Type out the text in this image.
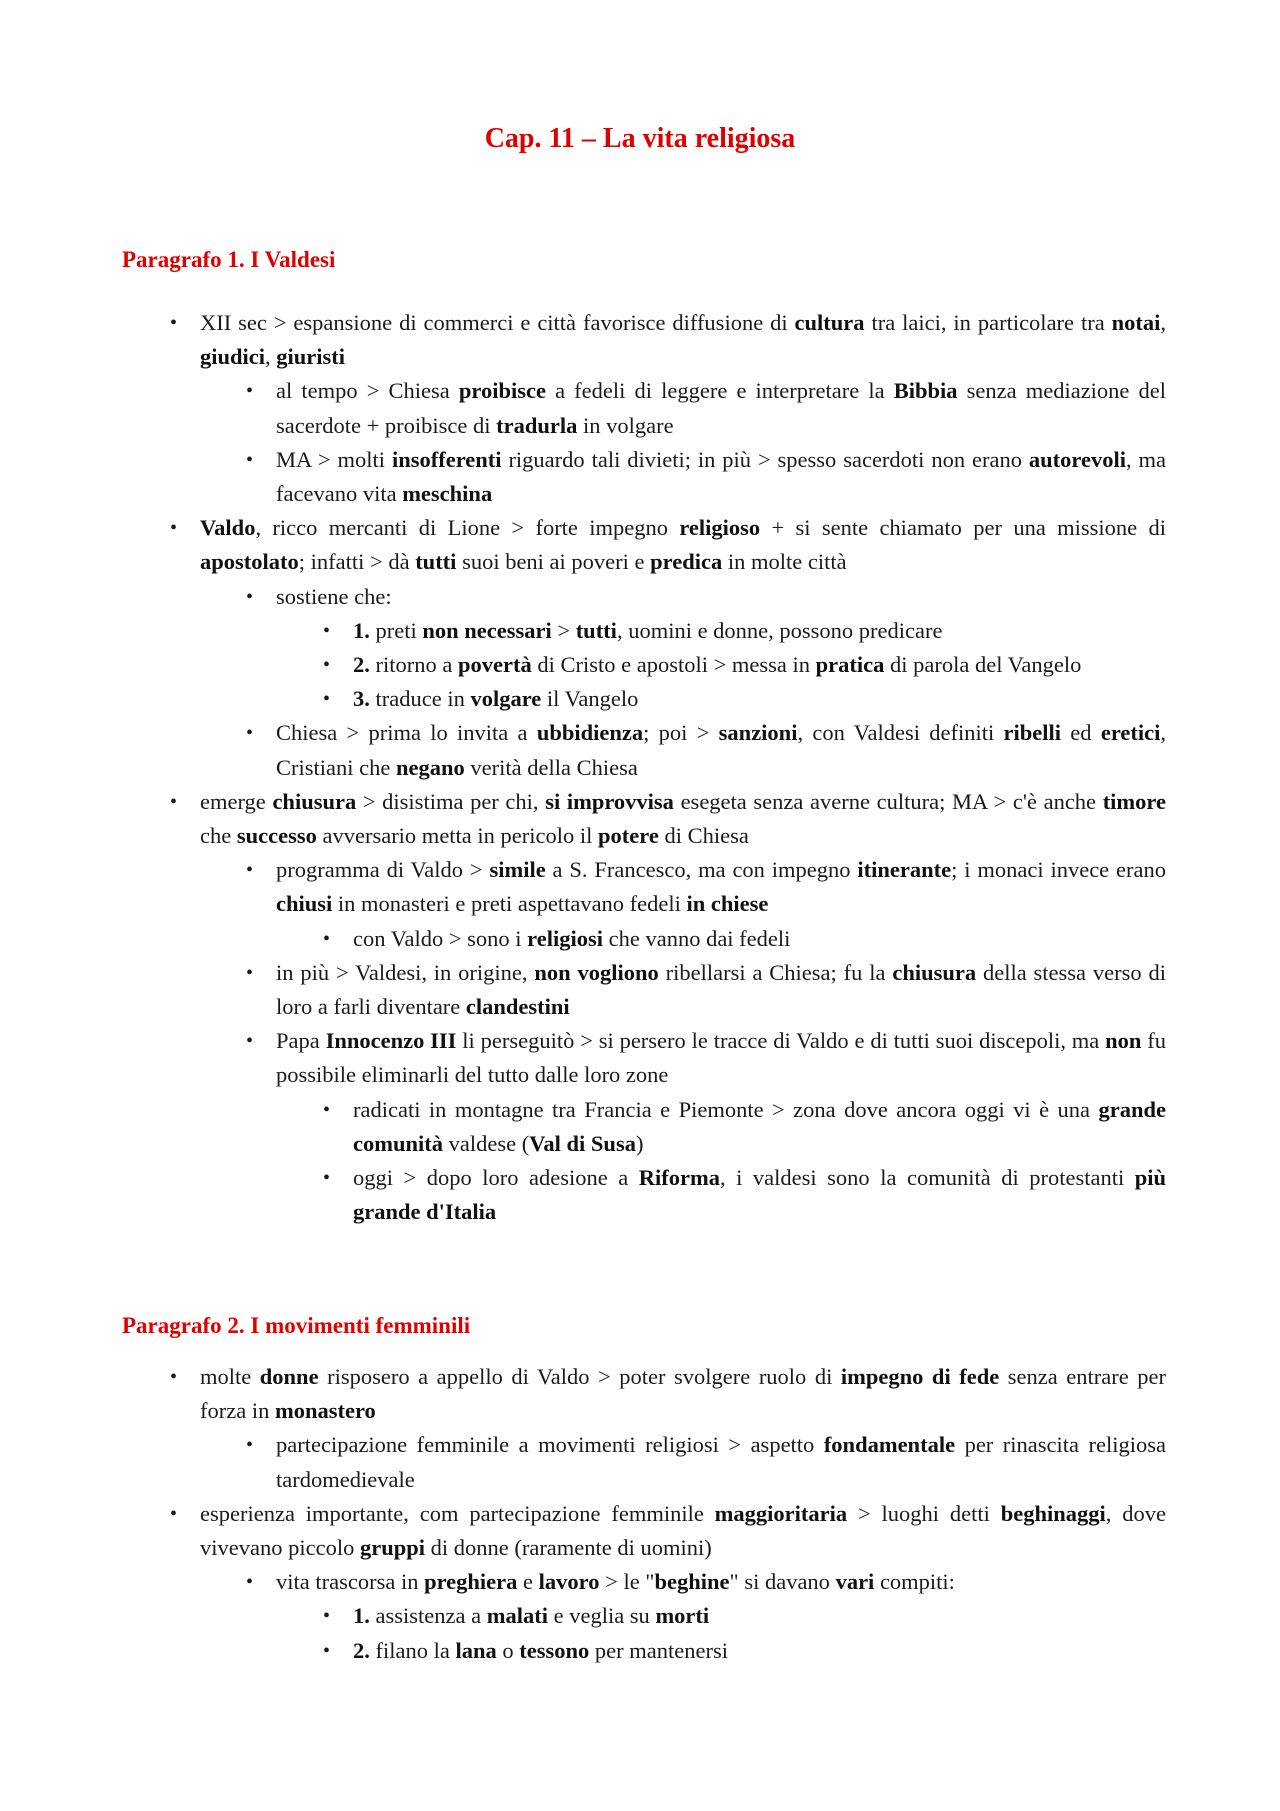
Cap. 11 – La vita religiosa
Paragrafo 1. I Valdesi
• XII sec > espansione di commerci e città favorisce diffusione di cultura tra laici, in particolare tra notai, giudici, giuristi
• al tempo > Chiesa proibisce a fedeli di leggere e interpretare la Bibbia senza mediazione del sacerdote + proibisce di tradurla in volgare
• MA > molti insofferenti riguardo tali divieti; in più > spesso sacerdoti non erano autorevoli, ma facevano vita meschina
• Valdo, ricco mercanti di Lione > forte impegno religioso + si sente chiamato per una missione di apostolato; infatti > dà tutti suoi beni ai poveri e predica in molte città
• sostiene che:
• 1. preti non necessari > tutti, uomini e donne, possono predicare
• 2. ritorno a povertà di Cristo e apostoli > messa in pratica di parola del Vangelo
• 3. traduce in volgare il Vangelo
• Chiesa > prima lo invita a ubbidienza; poi > sanzioni, con Valdesi definiti ribelli ed eretici, Cristiani che negano verità della Chiesa
• emerge chiusura > disistima per chi, si improvvisa esegeta senza averne cultura; MA > c'è anche timore che successo avversario metta in pericolo il potere di Chiesa
• programma di Valdo > simile a S. Francesco, ma con impegno itinerante; i monaci invece erano chiusi in monasteri e preti aspettavano fedeli in chiese
• con Valdo > sono i religiosi che vanno dai fedeli
• in più > Valdesi, in origine, non vogliono ribellarsi a Chiesa; fu la chiusura della stessa verso di loro a farli diventare clandestini
• Papa Innocenzo III li perseguitò > si persero le tracce di Valdo e di tutti suoi discepoli, ma non fu possibile eliminarli del tutto dalle loro zone
• radicati in montagne tra Francia e Piemonte > zona dove ancora oggi vi è una grande comunità valdese (Val di Susa)
• oggi > dopo loro adesione a Riforma, i valdesi sono la comunità di protestanti più grande d'Italia
Paragrafo 2. I movimenti femminili
• molte donne risposero a appello di Valdo > poter svolgere ruolo di impegno di fede senza entrare per forza in monastero
• partecipazione femminile a movimenti religiosi > aspetto fondamentale per rinascita religiosa tardomedievale
• esperienza importante, com partecipazione femminile maggioritaria > luoghi detti beghinaggi, dove vivevano piccolo gruppi di donne (raramente di uomini)
• vita trascorsa in preghiera e lavoro > le "beghine" si davano vari compiti:
• 1. assistenza a malati e veglia su morti
• 2. filano la lana o tessono per mantenersi
